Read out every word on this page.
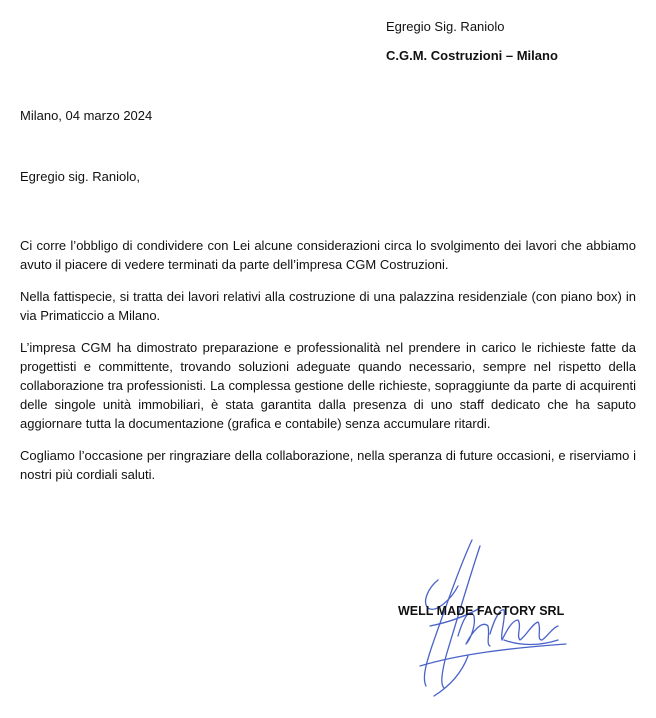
Egregio Sig. Raniolo
C.G.M. Costruzioni – Milano
Milano, 04 marzo 2024
Egregio sig. Raniolo,

Ci corre l’obbligo di condividere con Lei alcune considerazioni circa lo svolgimento dei lavori che abbiamo avuto il piacere di vedere terminati da parte dell’impresa CGM Costruzioni.

Nella fattispecie, si tratta dei lavori relativi alla costruzione di una palazzina residenziale (con piano box) in via Primaticcio a Milano.

L’impresa CGM ha dimostrato preparazione e professionalità nel prendere in carico le richieste fatte da progettisti e committente, trovando soluzioni adeguate quando necessario, sempre nel rispetto della collaborazione tra professionisti. La complessa gestione delle richieste, sopraggiunte da parte di acquirenti delle singole unità immobiliari, è stata garantita dalla presenza di uno staff dedicato che ha saputo aggiornare tutta la documentazione (grafica e contabile) senza accumulare ritardi.

Cogliamo l’occasione per ringraziare della collaborazione, nella speranza di future occasioni, e riserviamo i nostri più cordiali saluti.

WELL MADE FACTORY SRL
